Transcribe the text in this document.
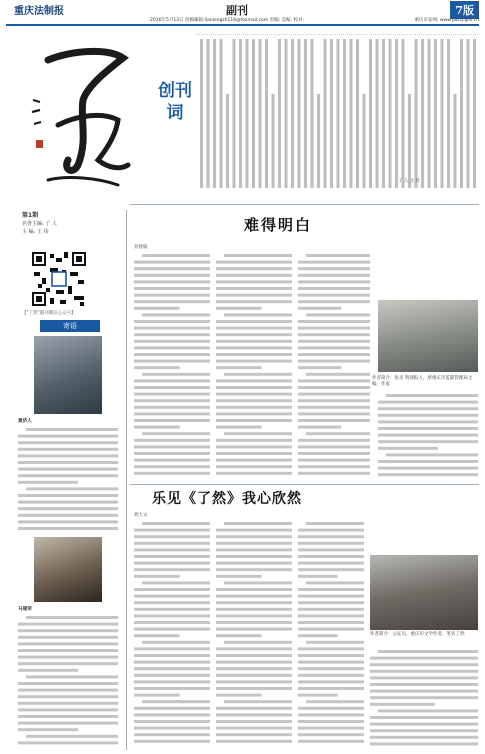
重庆法制报	副刊	7版
2016年5月13日 投稿邮箱:lianlongzh116@foxmail.com 责编: 美编: 校对:	重庆市安网: www.pacq.gov.cn
第1期
名誉主编: 了 人
主 编: 王 伟
【"了然"副刊微信公众号】
创刊词
了 人 主 作
难得明白
亚隆敏
作者简介：张炎 资深报人，原重庆市监狱管理局主编，作家
寄语
黄济人
马建荣
乐见《了然》我心欣然
胡大文
作者简介：公证员，重庆市文学作者，笔名了然
